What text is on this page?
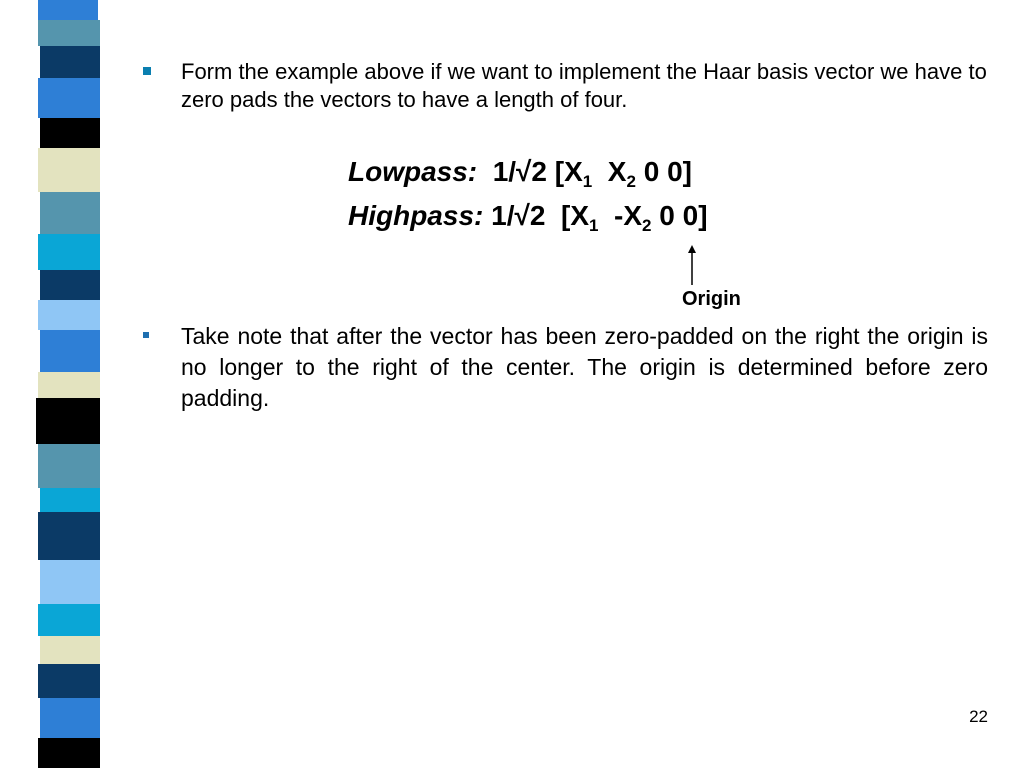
Form the example above if we want to implement the Haar basis vector we have to zero pads the vectors to have a length of four.
Lowpass: 1/√2 [$X_1$  $X_2$ 0 0]
Highpass: 1/√2  [$X_1$  $-X_2$ 0 0]
Origin
Take note that after the vector has been zero-padded on the right the origin is no longer to the right of the center. The origin is determined before zero padding.
22
